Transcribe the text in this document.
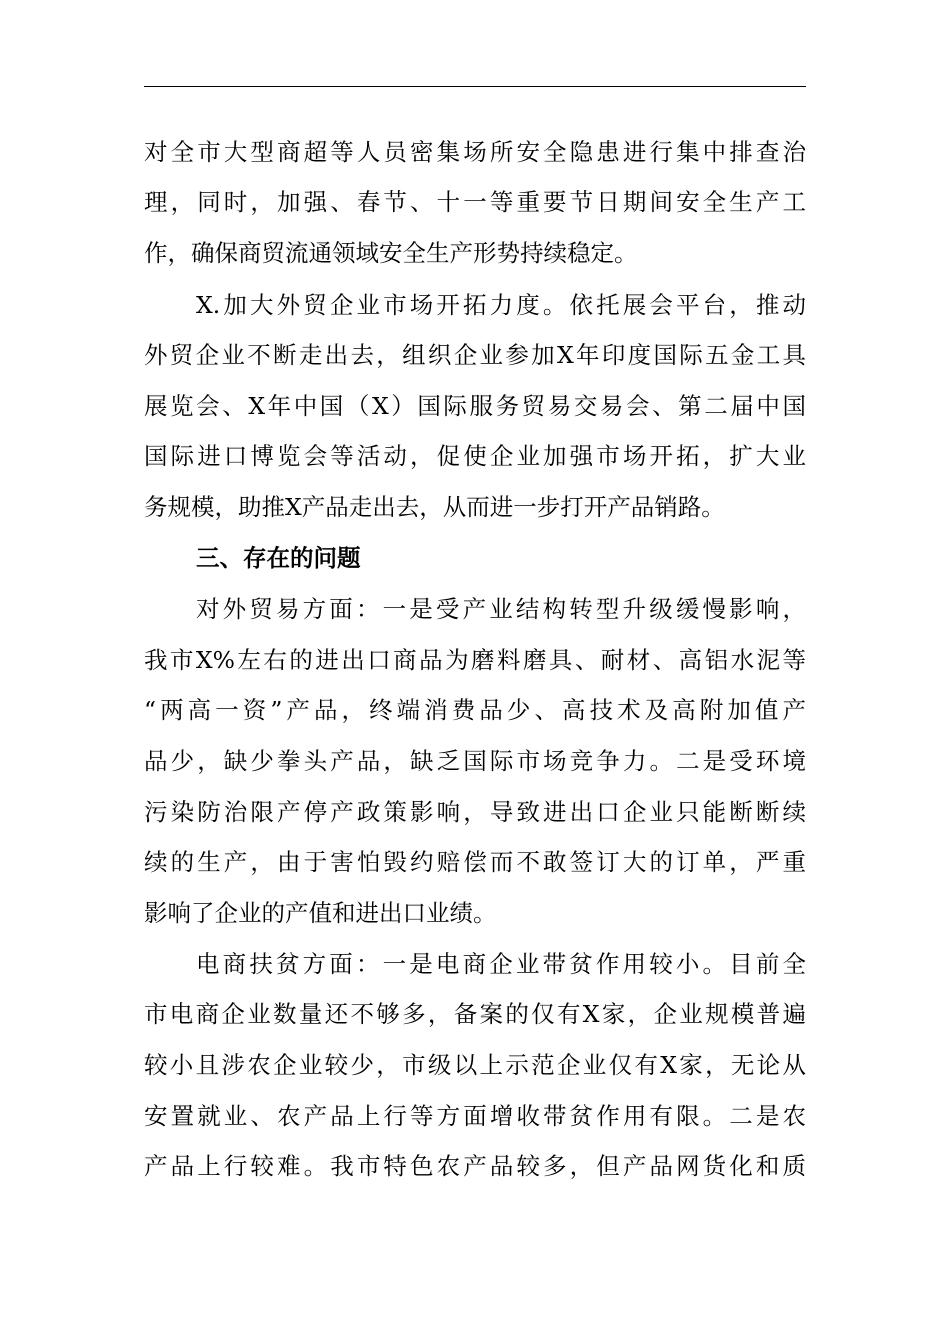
对全市大型商超等人员密集场所安全隐患进行集中排查治
理，同时，加强、春节、十一等重要节日期间安全生产工
作，确保商贸流通领域安全生产形势持续稳定。
X.加大外贸企业市场开拓力度。依托展会平台，推动
外贸企业不断走出去，组织企业参加X年印度国际五金工具
展览会、X年中国（X）国际服务贸易交易会、第二届中国
国际进口博览会等活动，促使企业加强市场开拓，扩大业
务规模，助推X产品走出去，从而进一步打开产品销路。
三、存在的问题
对外贸易方面：一是受产业结构转型升级缓慢影响，
我市X%左右的进出口商品为磨料磨具、耐材、高铝水泥等
“两高一资”产品，终端消费品少、高技术及高附加值产
品少，缺少拳头产品，缺乏国际市场竞争力。二是受环境
污染防治限产停产政策影响，导致进出口企业只能断断续
续的生产，由于害怕毁约赔偿而不敢签订大的订单，严重
影响了企业的产值和进出口业绩。
电商扶贫方面：一是电商企业带贫作用较小。目前全
市电商企业数量还不够多，备案的仅有X家，企业规模普遍
较小且涉农企业较少，市级以上示范企业仅有X家，无论从
安置就业、农产品上行等方面增收带贫作用有限。二是农
产品上行较难。我市特色农产品较多，但产品网货化和质
